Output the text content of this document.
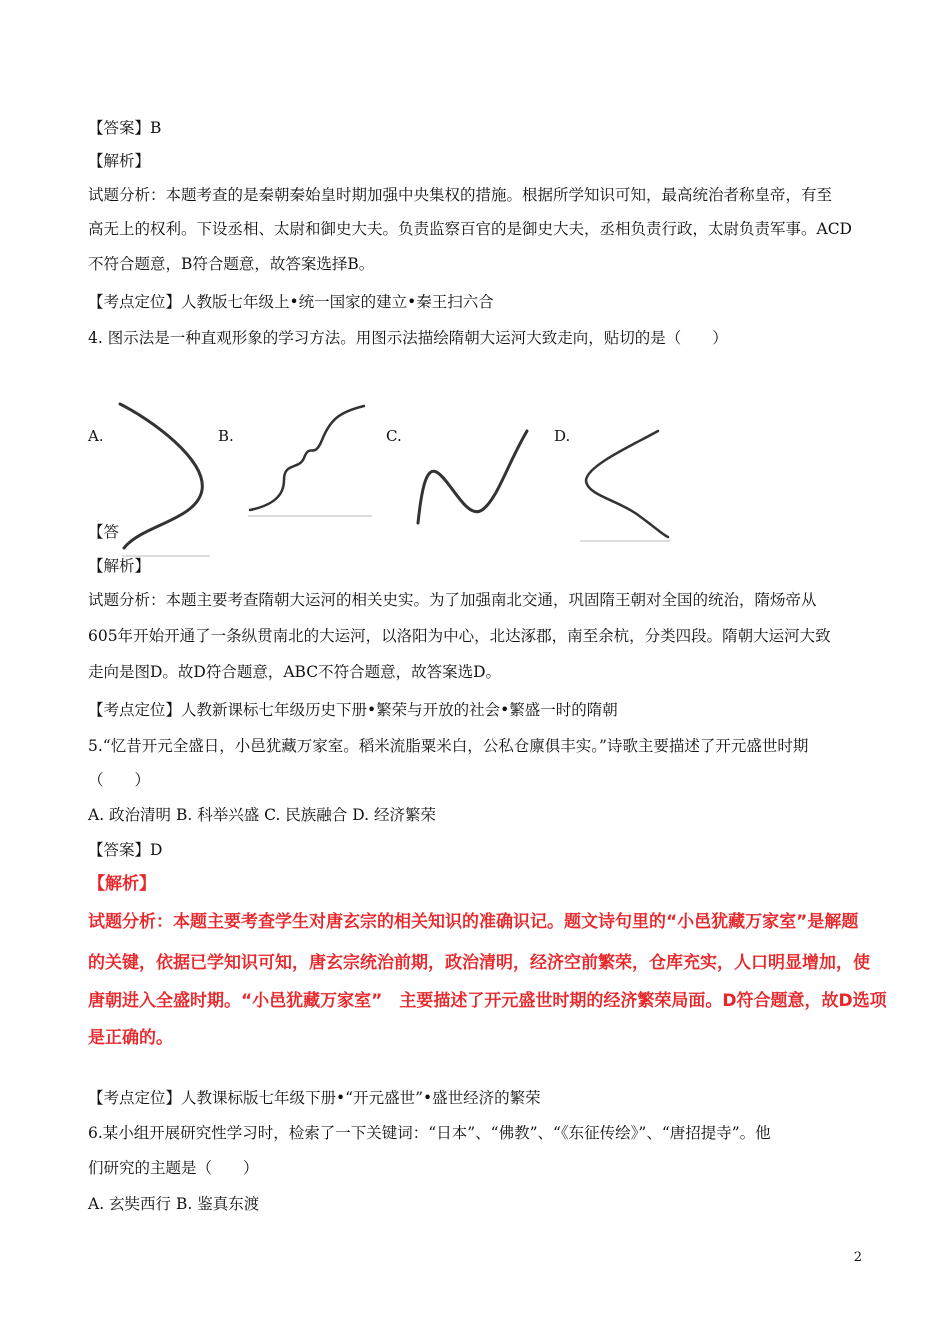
【答案】B
【解析】
试题分析：本题考查的是秦朝秦始皇时期加强中央集权的措施。根据所学知识可知，最高统治者称皇帝，有至
高无上的权利。下设丞相、太尉和御史大夫。负责监察百官的是御史大夫，丞相负责行政，太尉负责军事。ACD
不符合题意，B符合题意，故答案选择B。
【考点定位】人教版七年级上•统一国家的建立•秦王扫六合
4. 图示法是一种直观形象的学习方法。用图示法描绘隋朝大运河大致走向，贴切的是（　　）
A.	B.	C.	D.
【答
【解析】
试题分析：本题主要考查隋朝大运河的相关史实。为了加强南北交通，巩固隋王朝对全国的统治，隋炀帝从
605年开始开通了一条纵贯南北的大运河，以洛阳为中心，北达涿郡，南至余杭，分类四段。隋朝大运河大致
走向是图D。故D符合题意，ABC不符合题意，故答案选D。
【考点定位】人教新课标七年级历史下册•繁荣与开放的社会•繁盛一时的隋朝
5.“忆昔开元全盛日，小邑犹藏万家室。稻米流脂粟米白，公私仓廪俱丰实。”诗歌主要描述了开元盛世时期
（　　）
A. 政治清明 B. 科举兴盛 C. 民族融合 D. 经济繁荣
【答案】D
【解析】
试题分析：本题主要考查学生对唐玄宗的相关知识的准确识记。题文诗句里的“小邑犹藏万家室”是解题
的关键，依据已学知识可知，唐玄宗统治前期，政治清明，经济空前繁荣，仓库充实，人口明显增加，使
唐朝进入全盛时期。“小邑犹藏万家室”　主要描述了开元盛世时期的经济繁荣局面。D符合题意，故D选项
是正确的。
【考点定位】人教课标版七年级下册•“开元盛世”•盛世经济的繁荣
6.某小组开展研究性学习时，检索了一下关键词：“日本”、“佛教”、“《东征传绘》”、“唐招提寺”。他
们研究的主题是（　　）
A. 玄奘西行 B. 鉴真东渡
2
